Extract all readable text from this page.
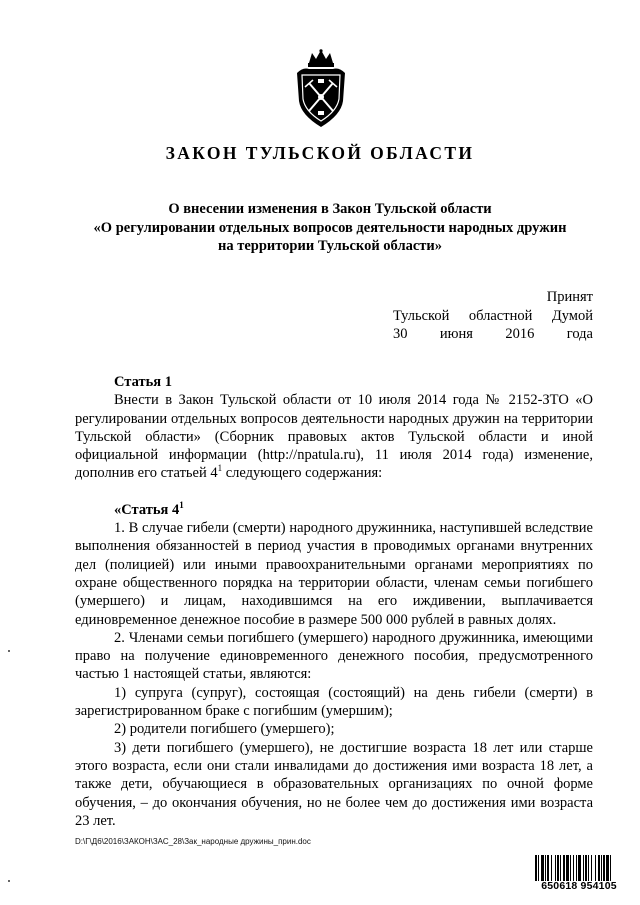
ЗАКОН ТУЛЬСКОЙ ОБЛАСТИ
О внесении изменения в Закон Тульской области
«О регулировании отдельных вопросов деятельности народных дружин
на территории Тульской области»
Принят
Тульской областной Думой
30 июня 2016 года
Статья 1

Внести в Закон Тульской области от 10 июля 2014 года № 2152-ЗТО «О регулировании отдельных вопросов деятельности народных дружин на территории Тульской области» (Сборник правовых актов Тульской области и иной официальной информации (http://npatula.ru), 11 июля 2014 года) изменение, дополнив его статьей $4^1$ следующего содержания:

«Статья $4^1$

1. В случае гибели (смерти) народного дружинника, наступившей вследствие выполнения обязанностей в период участия в проводимых органами внутренних дел (полицией) или иными правоохранительными органами мероприятиях по охране общественного порядка на территории области, членам семьи погибшего (умершего) и лицам, находившимся на его иждивении, выплачивается единовременное денежное пособие в размере 500 000 рублей в равных долях.

2. Членами семьи погибшего (умершего) народного дружинника, имеющими право на получение единовременного денежного пособия, предусмотренного частью 1 настоящей статьи, являются:

1) супруга (супруг), состоящая (состоящий) на день гибели (смерти) в зарегистрированном браке с погибшим (умершим);

2) родители погибшего (умершего);

3) дети погибшего (умершего), не достигшие возраста 18 лет или старше этого возраста, если они стали инвалидами до достижения ими возраста 18 лет, а также дети, обучающиеся в образовательных организациях по очной форме обучения, – до окончания обучения, но не более чем до достижения ими возраста 23 лет.

D:\Г\Д6\2016\ЗАКОН\ЗАС_28\Зак_народные дружины_прин.doc
650618 954105
